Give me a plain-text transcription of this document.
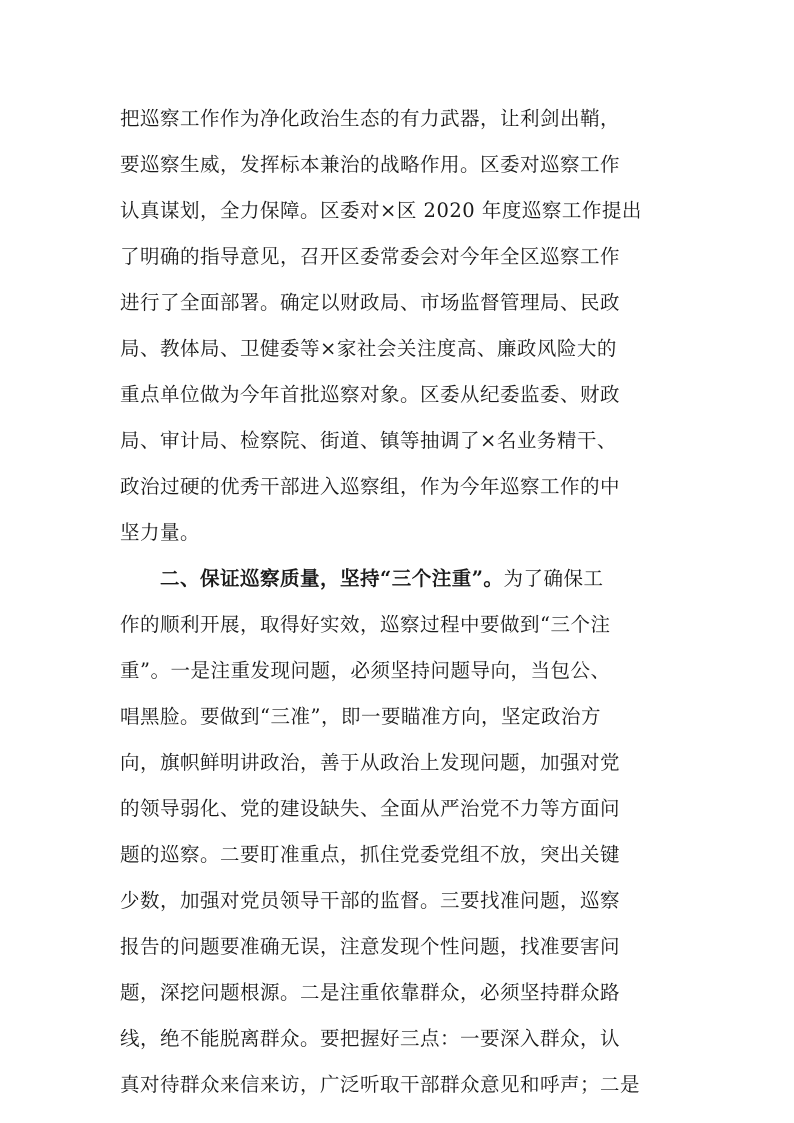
把巡察工作作为净化政治生态的有力武器，让利剑出鞘，
要巡察生威，发挥标本兼治的战略作用。区委对巡察工作
认真谋划，全力保障。区委对×区 2020 年度巡察工作提出
了明确的指导意见，召开区委常委会对今年全区巡察工作
进行了全面部署。确定以财政局、市场监督管理局、民政
局、教体局、卫健委等×家社会关注度高、廉政风险大的
重点单位做为今年首批巡察对象。区委从纪委监委、财政
局、审计局、检察院、街道、镇等抽调了×名业务精干、
政治过硬的优秀干部进入巡察组，作为今年巡察工作的中
坚力量。
二、保证巡察质量，坚持“三个注重”。为了确保工
作的顺利开展，取得好实效，巡察过程中要做到“三个注
重”。一是注重发现问题，必须坚持问题导向，当包公、
唱黑脸。要做到“三准”，即一要瞄准方向，坚定政治方
向，旗帜鲜明讲政治，善于从政治上发现问题，加强对党
的领导弱化、党的建设缺失、全面从严治党不力等方面问
题的巡察。二要盯准重点，抓住党委党组不放，突出关键
少数，加强对党员领导干部的监督。三要找准问题，巡察
报告的问题要准确无误，注意发现个性问题，找准要害问
题，深挖问题根源。二是注重依靠群众，必须坚持群众路
线，绝不能脱离群众。要把握好三点：一要深入群众，认
真对待群众来信来访，广泛听取干部群众意见和呼声；二是
